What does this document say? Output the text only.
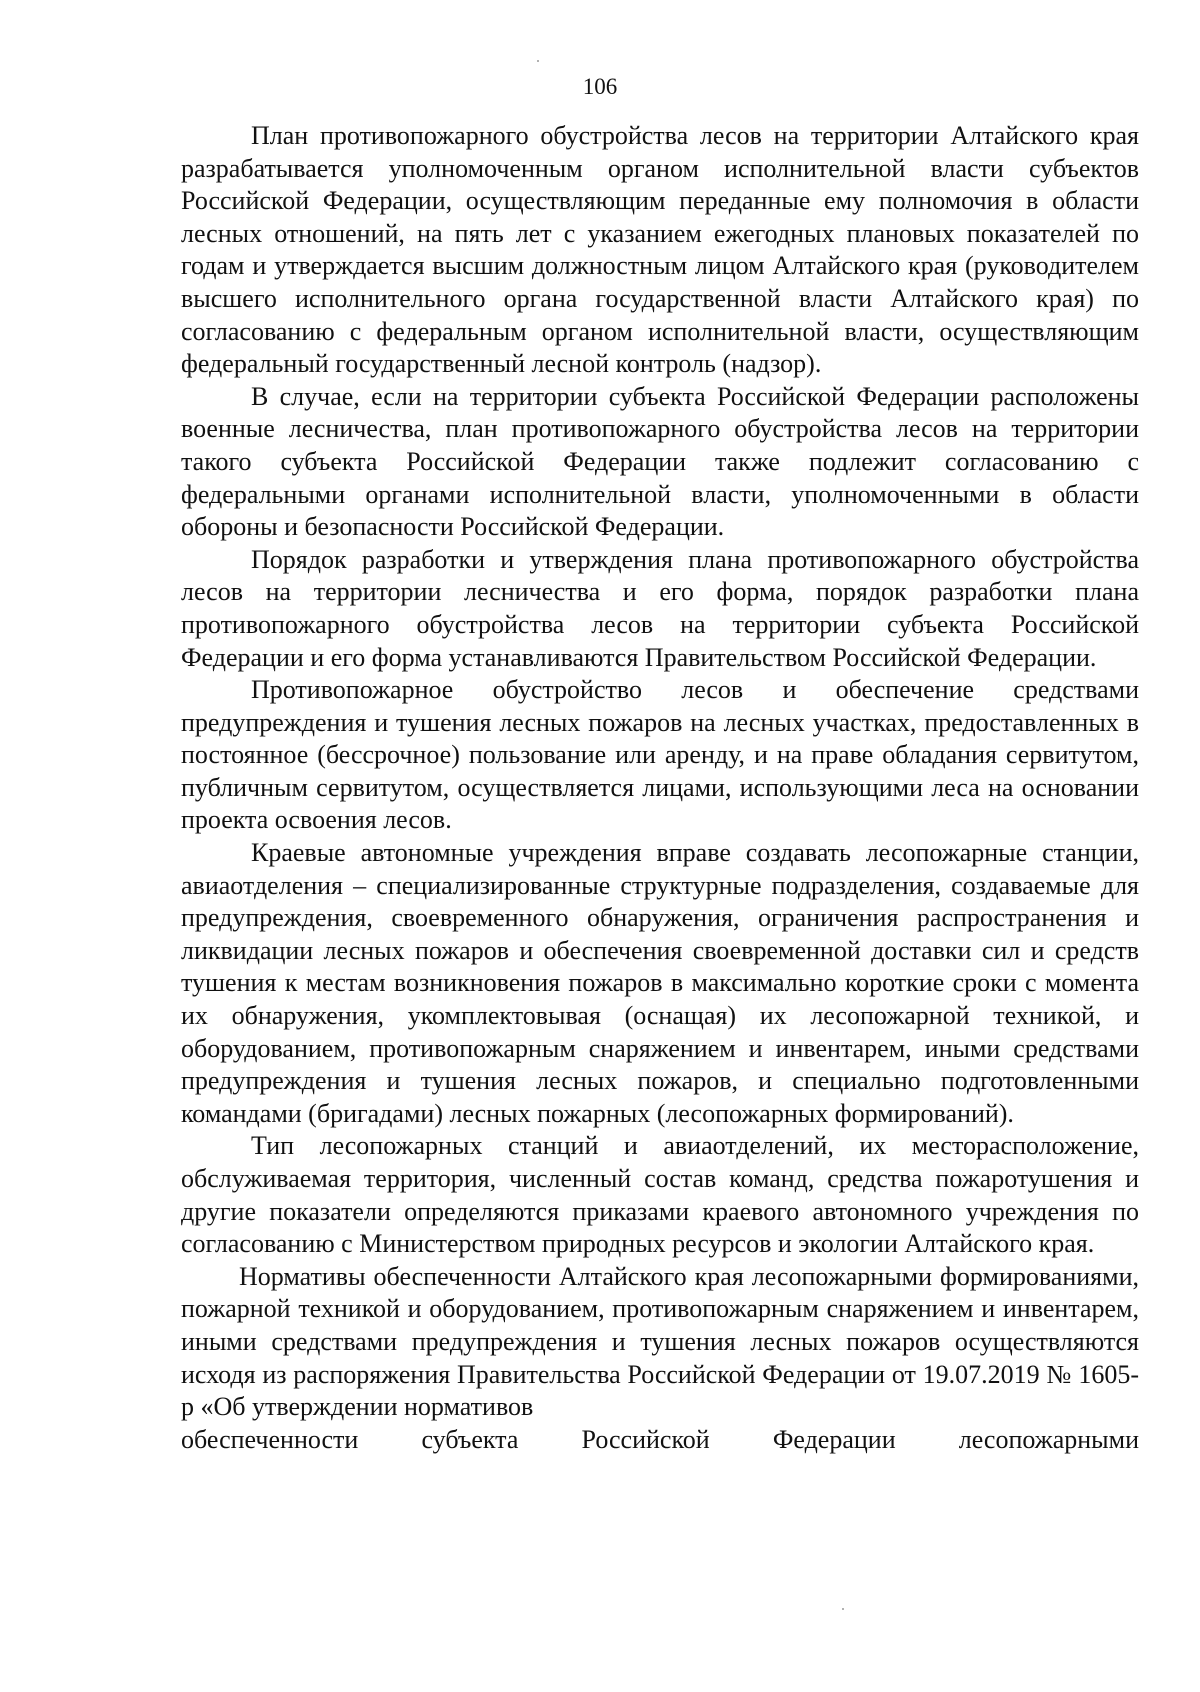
106

План противопожарного обустройства лесов на территории Алтайского края разрабатывается уполномоченным органом исполнительной власти субъектов Российской Федерации, осуществляющим переданные ему полномочия в области лесных отношений, на пять лет с указанием ежегодных плановых показателей по годам и утверждается высшим должностным лицом Алтайского края (руководителем высшего исполнительного органа государственной власти Алтайского края) по согласованию с федеральным органом исполнительной власти, осуществляющим федеральный государственный лесной контроль (надзор).

В случае, если на территории субъекта Российской Федерации расположены военные лесничества, план противопожарного обустройства лесов на территории такого субъекта Российской Федерации также подлежит согласованию с федеральными органами исполнительной власти, уполномоченными в области обороны и безопасности Российской Федерации.

Порядок разработки и утверждения плана противопожарного обустройства лесов на территории лесничества и его форма, порядок разработки плана противопожарного обустройства лесов на территории субъекта Российской Федерации и его форма устанавливаются Правительством Российской Федерации.

Противопожарное обустройство лесов и обеспечение средствами предупреждения и тушения лесных пожаров на лесных участках, предоставленных в постоянное (бессрочное) пользование или аренду, и на праве обладания сервитутом, публичным сервитутом, осуществляется лицами, использующими леса на основании проекта освоения лесов.

Краевые автономные учреждения вправе создавать лесопожарные станции, авиаотделения – специализированные структурные подразделения, создаваемые для предупреждения, своевременного обнаружения, ограничения распространения и ликвидации лесных пожаров и обеспечения своевременной доставки сил и средств тушения к местам возникновения пожаров в максимально короткие сроки с момента их обнаружения, укомплектовывая (оснащая) их лесопожарной техникой, и оборудованием, противопожарным снаряжением и инвентарем, иными средствами предупреждения и тушения лесных пожаров, и специально подготовленными командами (бригадами) лесных пожарных (лесопожарных формирований).

Тип лесопожарных станций и авиаотделений, их месторасположение, обслуживаемая территория, численный состав команд, средства пожаротушения и другие показатели определяются приказами краевого автономного учреждения по согласованию с Министерством природных ресурсов и экологии Алтайского края.

Нормативы обеспеченности Алтайского края лесопожарными формированиями, пожарной техникой и оборудованием, противопожарным снаряжением и инвентарем, иными средствами предупреждения и тушения лесных пожаров осуществляются исходя из распоряжения Правительства Российской Федерации от 19.07.2019 № 1605-р «Об утверждении нормативов

обеспеченности субъекта Российской Федерации лесопожарными
